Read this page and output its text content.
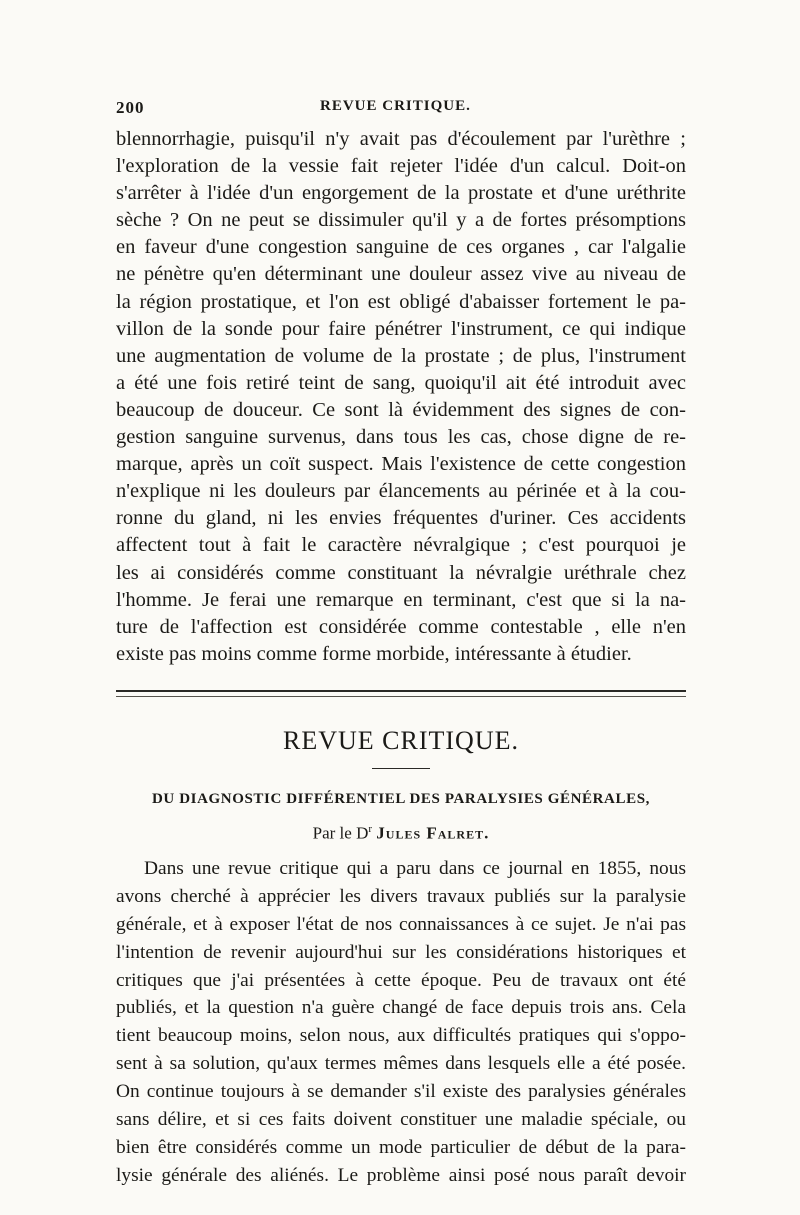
200	REVUE CRITIQUE.
blennorrhagie, puisqu'il n'y avait pas d'écoulement par l'urèthre ;
l'exploration de la vessie fait rejeter l'idée d'un calcul. Doit-on
s'arrêter à l'idée d'un engorgement de la prostate et d'une uréthrite
sèche ? On ne peut se dissimuler qu'il y a de fortes présomptions
en faveur d'une congestion sanguine de ces organes , car l'algalie
ne pénètre qu'en déterminant une douleur assez vive au niveau de
la région prostatique, et l'on est obligé d'abaisser fortement le pa-
villon de la sonde pour faire pénétrer l'instrument, ce qui indique
une augmentation de volume de la prostate ; de plus, l'instrument
a été une fois retiré teint de sang, quoiqu'il ait été introduit avec
beaucoup de douceur. Ce sont là évidemment des signes de con-
gestion sanguine survenus, dans tous les cas, chose digne de re-
marque, après un coït suspect. Mais l'existence de cette congestion
n'explique ni les douleurs par élancements au périnée et à la cou-
ronne du gland, ni les envies fréquentes d'uriner. Ces accidents
affectent tout à fait le caractère névralgique ; c'est pourquoi je
les ai considérés comme constituant la névralgie uréthrale chez
l'homme. Je ferai une remarque en terminant, c'est que si la na-
ture de l'affection est considérée comme contestable , elle n'en
existe pas moins comme forme morbide, intéressante à étudier.
REVUE CRITIQUE.
DU DIAGNOSTIC DIFFÉRENTIEL DES PARALYSIES GÉNÉRALES,
Par le $D^r$ Jules Falret.
Dans une revue critique qui a paru dans ce journal en 1855, nous
avons cherché à apprécier les divers travaux publiés sur la paralysie
générale, et à exposer l'état de nos connaissances à ce sujet. Je n'ai pas
l'intention de revenir aujourd'hui sur les considérations historiques et
critiques que j'ai présentées à cette époque. Peu de travaux ont été
publiés, et la question n'a guère changé de face depuis trois ans. Cela
tient beaucoup moins, selon nous, aux difficultés pratiques qui s'oppo-
sent à sa solution, qu'aux termes mêmes dans lesquels elle a été posée.
On continue toujours à se demander s'il existe des paralysies générales
sans délire, et si ces faits doivent constituer une maladie spéciale, ou
bien être considérés comme un mode particulier de début de la para-
lysie générale des aliénés. Le problème ainsi posé nous paraît devoir
